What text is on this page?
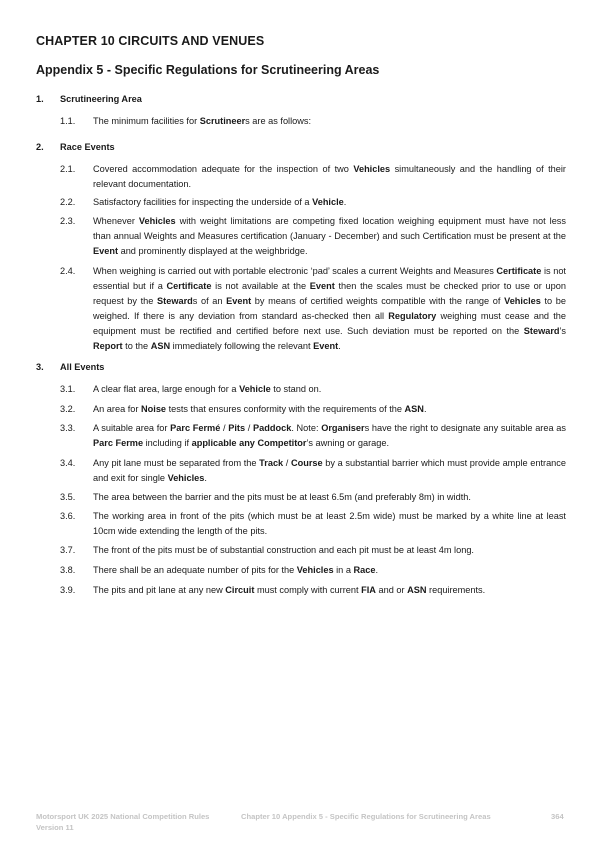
CHAPTER 10 CIRCUITS AND VENUES
Appendix 5 - Specific Regulations for Scrutineering Areas
1. Scrutineering Area
1.1. The minimum facilities for Scrutineers are as follows:
2. Race Events
2.1. Covered accommodation adequate for the inspection of two Vehicles simultaneously and the handling of their relevant documentation.
2.2. Satisfactory facilities for inspecting the underside of a Vehicle.
2.3. Whenever Vehicles with weight limitations are competing fixed location weighing equipment must have not less than annual Weights and Measures certification (January - December) and such Certification must be present at the Event and prominently displayed at the weighbridge.
2.4. When weighing is carried out with portable electronic ‘pad’ scales a current Weights and Measures Certificate is not essential but if a Certificate is not available at the Event then the scales must be checked prior to use or upon request by the Stewards of an Event by means of certified weights compatible with the range of Vehicles to be weighed. If there is any deviation from standard as-checked then all Regulatory weighing must cease and the equipment must be rectified and certified before next use. Such deviation must be reported on the Steward’s Report to the ASN immediately following the relevant Event.
3. All Events
3.1. A clear flat area, large enough for a Vehicle to stand on.
3.2. An area for Noise tests that ensures conformity with the requirements of the ASN.
3.3. A suitable area for Parc Fermé / Pits / Paddock. Note: Organisers have the right to designate any suitable area as Parc Ferme including if applicable any Competitor’s awning or garage.
3.4. Any pit lane must be separated from the Track / Course by a substantial barrier which must provide ample entrance and exit for single Vehicles.
3.5. The area between the barrier and the pits must be at least 6.5m (and preferably 8m) in width.
3.6. The working area in front of the pits (which must be at least 2.5m wide) must be marked by a white line at least 10cm wide extending the length of the pits.
3.7. The front of the pits must be of substantial construction and each pit must be at least 4m long.
3.8. There shall be an adequate number of pits for the Vehicles in a Race.
3.9. The pits and pit lane at any new Circuit must comply with current FIA and or ASN requirements.
Motorsport UK 2025 National Competition Rules
Version 11
Chapter 10 Appendix 5 - Specific Regulations for Scrutineering Areas	364
